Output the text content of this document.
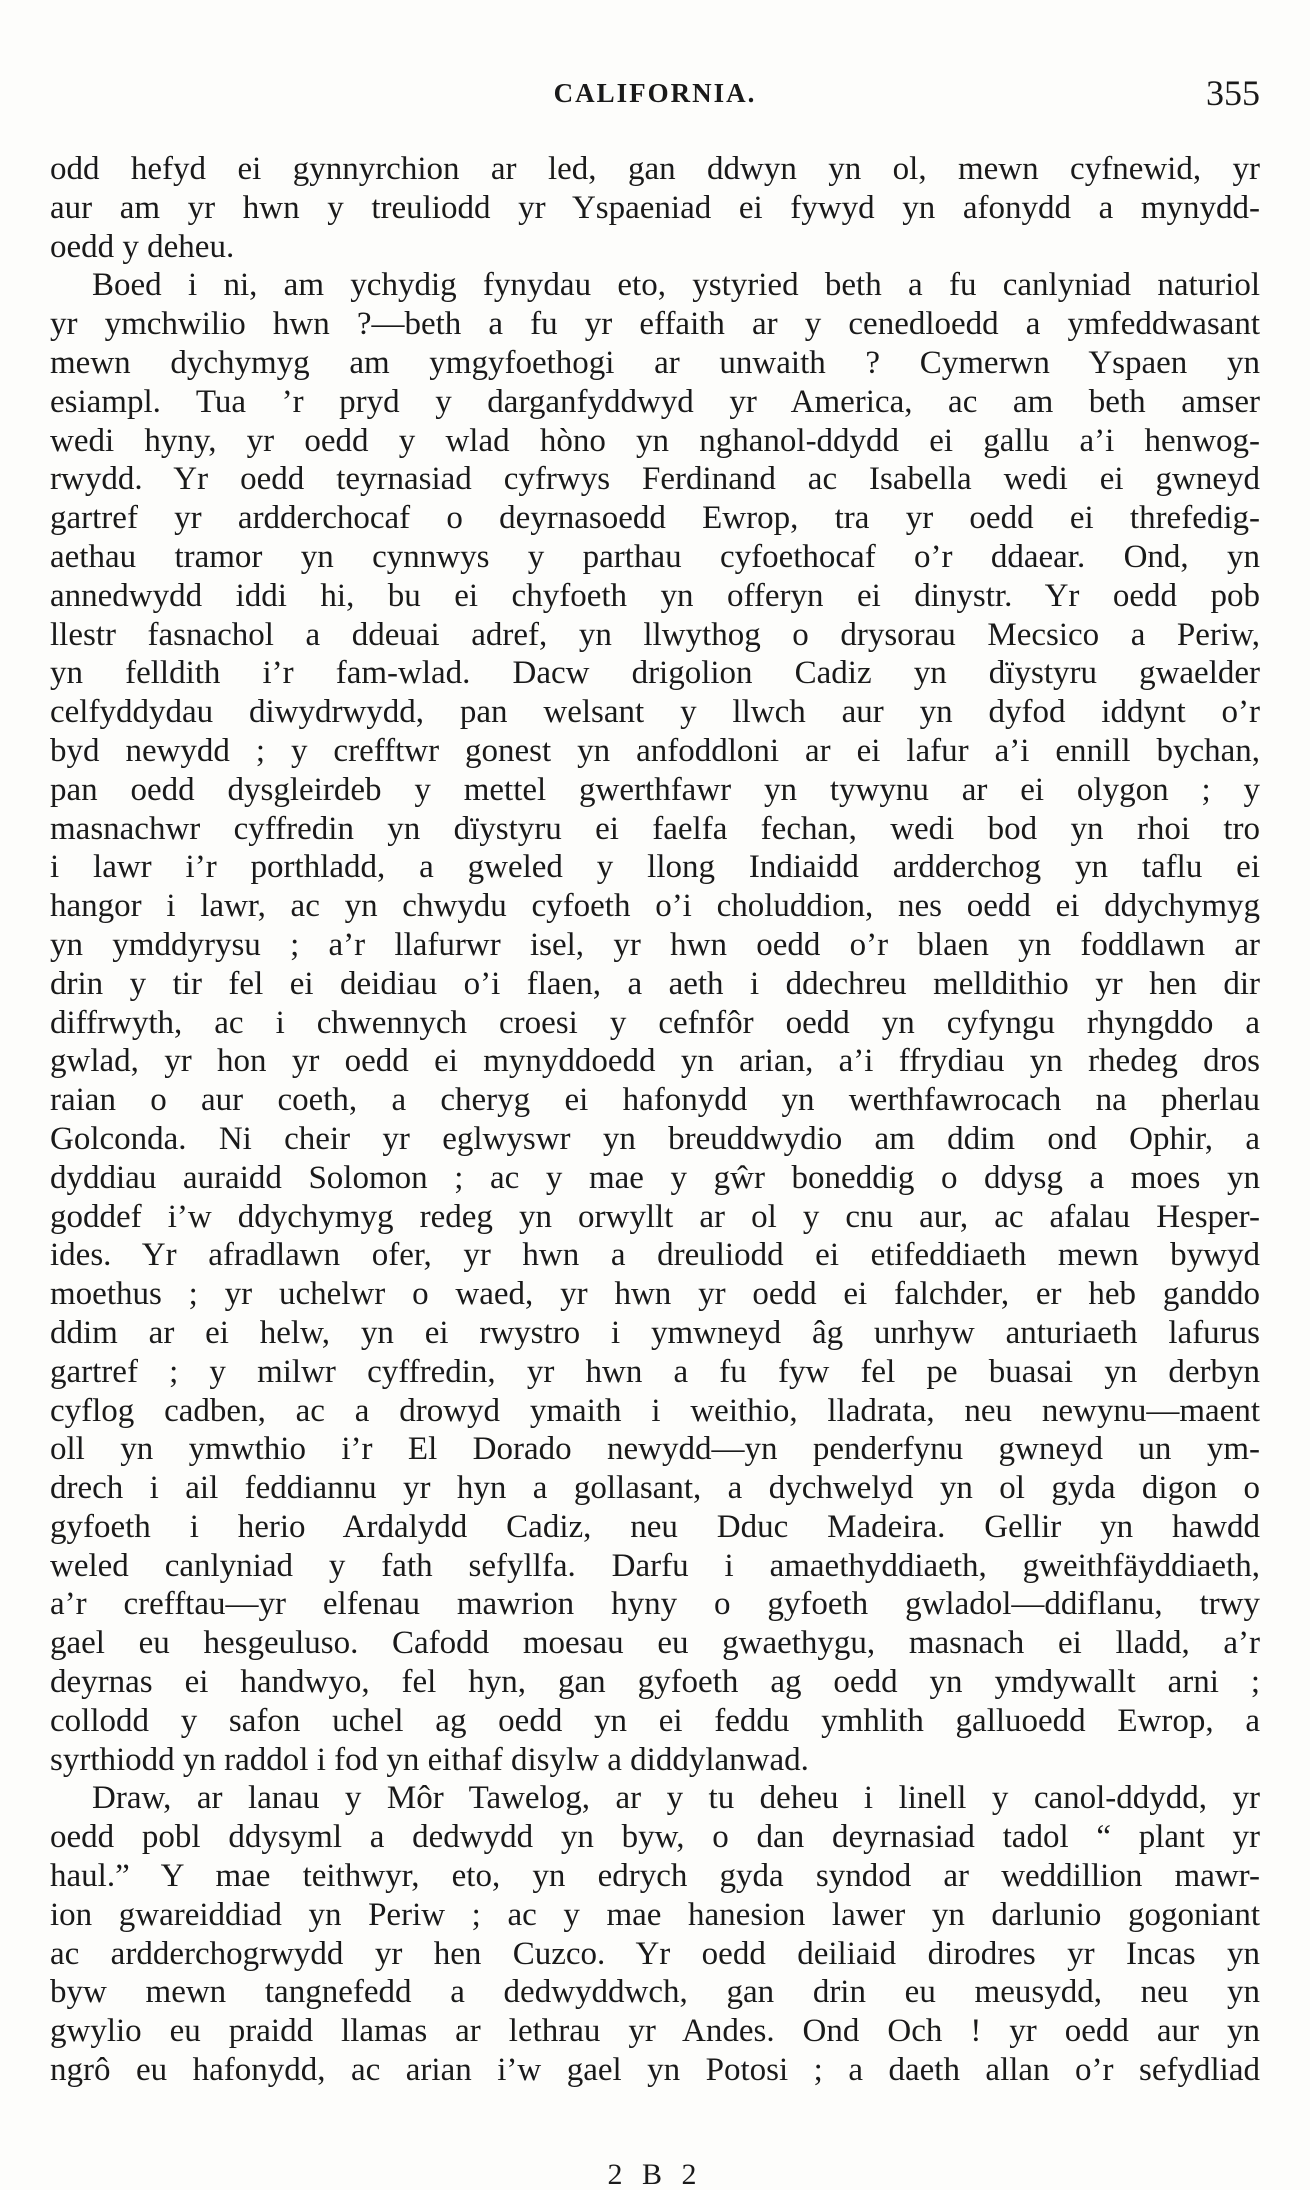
CALIFORNIA.	355
odd hefyd ei gynnyrchion ar led, gan ddwyn yn ol, mewn cyfnewid, yr
aur am yr hwn y treuliodd yr Yspaeniad ei fywyd yn afonydd a mynydd-
oedd y deheu.
Boed i ni, am ychydig fynydau eto, ystyried beth a fu canlyniad naturiol
yr ymchwilio hwn ?—beth a fu yr effaith ar y cenedloedd a ymfeddwasant
mewn dychymyg am ymgyfoethogi ar unwaith ? Cymerwn Yspaen yn
esiampl. Tua ’r pryd y darganfyddwyd yr America, ac am beth amser
wedi hyny, yr oedd y wlad hòno yn nghanol-ddydd ei gallu a’i henwog-
rwydd. Yr oedd teyrnasiad cyfrwys Ferdinand ac Isabella wedi ei gwneyd
gartref yr ardderchocaf o deyrnasoedd Ewrop, tra yr oedd ei threfedig-
aethau tramor yn cynnwys y parthau cyfoethocaf o’r ddaear. Ond, yn
annedwydd iddi hi, bu ei chyfoeth yn offeryn ei dinystr. Yr oedd pob
llestr fasnachol a ddeuai adref, yn llwythog o drysorau Mecsico a Periw,
yn felldith i’r fam-wlad. Dacw drigolion Cadiz yn dïystyru gwaelder
celfyddydau diwydrwydd, pan welsant y llwch aur yn dyfod iddynt o’r
byd newydd ; y crefftwr gonest yn anfoddloni ar ei lafur a’i ennill bychan,
pan oedd dysgleirdeb y mettel gwerthfawr yn tywynu ar ei olygon ; y
masnachwr cyffredin yn dïystyru ei faelfa fechan, wedi bod yn rhoi tro
i lawr i’r porthladd, a gweled y llong Indiaidd ardderchog yn taflu ei
hangor i lawr, ac yn chwydu cyfoeth o’i choluddion, nes oedd ei ddychymyg
yn ymddyrysu ; a’r llafurwr isel, yr hwn oedd o’r blaen yn foddlawn ar
drin y tir fel ei deidiau o’i flaen, a aeth i ddechreu melldithio yr hen dir
diffrwyth, ac i chwennych croesi y cefnfôr oedd yn cyfyngu rhyngddo a
gwlad, yr hon yr oedd ei mynyddoedd yn arian, a’i ffrydiau yn rhedeg dros
raian o aur coeth, a cheryg ei hafonydd yn werthfawrocach na pherlau
Golconda. Ni cheir yr eglwyswr yn breuddwydio am ddim ond Ophir, a
dyddiau auraidd Solomon ; ac y mae y gŵr boneddig o ddysg a moes yn
goddef i’w ddychymyg redeg yn orwyllt ar ol y cnu aur, ac afalau Hesper-
ides. Yr afradlawn ofer, yr hwn a dreuliodd ei etifeddiaeth mewn bywyd
moethus ; yr uchelwr o waed, yr hwn yr oedd ei falchder, er heb ganddo
ddim ar ei helw, yn ei rwystro i ymwneyd âg unrhyw anturiaeth lafurus
gartref ; y milwr cyffredin, yr hwn a fu fyw fel pe buasai yn derbyn
cyflog cadben, ac a drowyd ymaith i weithio, lladrata, neu newynu—maent
oll yn ymwthio i’r El Dorado newydd—yn penderfynu gwneyd un ym-
drech i ail feddiannu yr hyn a gollasant, a dychwelyd yn ol gyda digon o
gyfoeth i herio Ardalydd Cadiz, neu Dduc Madeira. Gellir yn hawdd
weled canlyniad y fath sefyllfa. Darfu i amaethyddiaeth, gweithfäyddiaeth,
a’r crefftau—yr elfenau mawrion hyny o gyfoeth gwladol—ddiflanu, trwy
gael eu hesgeuluso. Cafodd moesau eu gwaethygu, masnach ei lladd, a’r
deyrnas ei handwyo, fel hyn, gan gyfoeth ag oedd yn ymdywallt arni ;
collodd y safon uchel ag oedd yn ei feddu ymhlith galluoedd Ewrop, a
syrthiodd yn raddol i fod yn eithaf disylw a diddylanwad.
Draw, ar lanau y Môr Tawelog, ar y tu deheu i linell y canol-ddydd, yr
oedd pobl ddysyml a dedwydd yn byw, o dan deyrnasiad tadol “ plant yr
haul.” Y mae teithwyr, eto, yn edrych gyda syndod ar weddillion mawr-
ion gwareiddiad yn Periw ; ac y mae hanesion lawer yn darlunio gogoniant
ac ardderchogrwydd yr hen Cuzco. Yr oedd deiliaid dirodres yr Incas yn
byw mewn tangnefedd a dedwyddwch, gan drin eu meusydd, neu yn
gwylio eu praidd llamas ar lethrau yr Andes. Ond Och ! yr oedd aur yn
ngrô eu hafonydd, ac arian i’w gael yn Potosi ; a daeth allan o’r sefydliad
2 B 2
